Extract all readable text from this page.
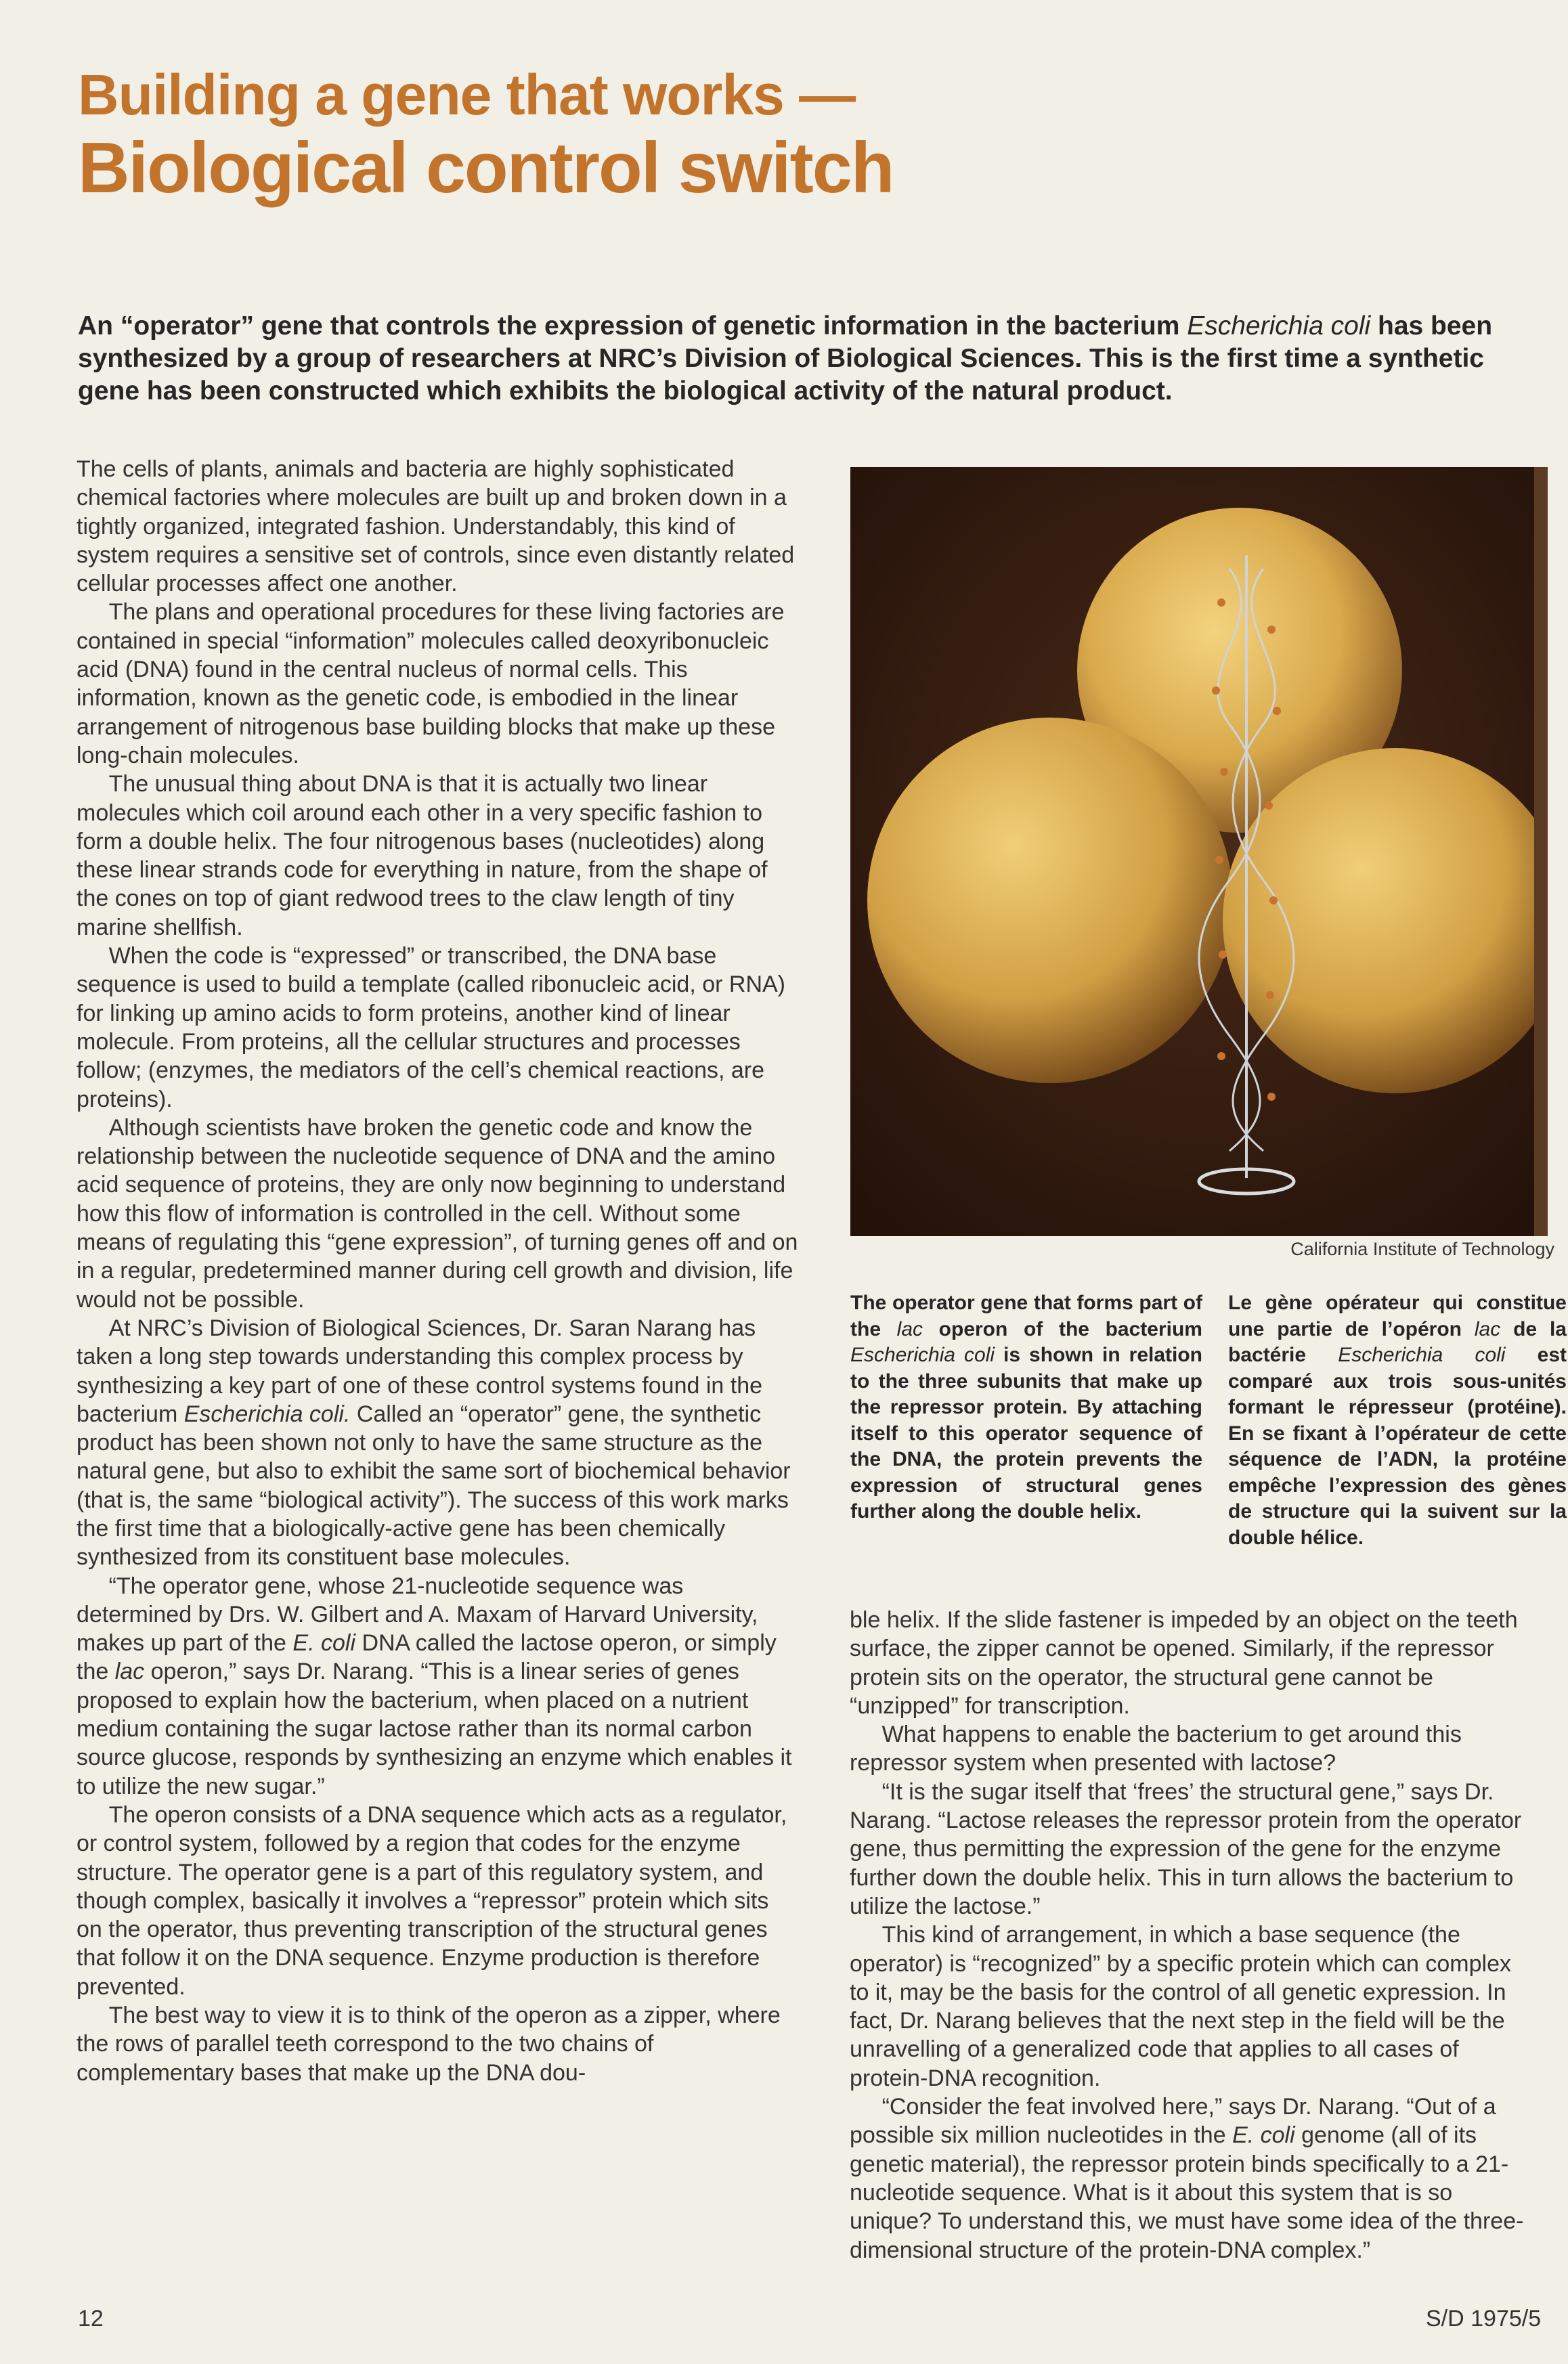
Building a gene that works —
Biological control switch

An “operator” gene that controls the expression of genetic information in the bacterium Escherichia coli has been synthesized by a group of researchers at NRC’s Division of Biological Sciences. This is the first time a synthetic gene has been constructed which exhibits the biological activity of the natural product.

The cells of plants, animals and bacteria are highly sophisticated chemical factories where molecules are built up and broken down in a tightly organized, integrated fashion. Understandably, this kind of system requires a sensitive set of controls, since even distantly related cellular processes affect one another.

The plans and operational procedures for these living factories are contained in special “information” molecules called deoxyribonucleic acid (DNA) found in the central nucleus of normal cells. This information, known as the genetic code, is embodied in the linear arrangement of nitrogenous base building blocks that make up these long-chain molecules.

The unusual thing about DNA is that it is actually two linear molecules which coil around each other in a very specific fashion to form a double helix. The four nitrogenous bases (nucleotides) along these linear strands code for everything in nature, from the shape of the cones on top of giant redwood trees to the claw length of tiny marine shellfish.

When the code is “expressed” or transcribed, the DNA base sequence is used to build a template (called ribonucleic acid, or RNA) for linking up amino acids to form proteins, another kind of linear molecule. From proteins, all the cellular structures and processes follow; (enzymes, the mediators of the cell’s chemical reactions, are proteins).

Although scientists have broken the genetic code and know the relationship between the nucleotide sequence of DNA and the amino acid sequence of proteins, they are only now beginning to understand how this flow of information is controlled in the cell. Without some means of regulating this “gene expression”, of turning genes off and on in a regular, predetermined manner during cell growth and division, life would not be possible.

At NRC’s Division of Biological Sciences, Dr. Saran Narang has taken a long step towards understanding this complex process by synthesizing a key part of one of these control systems found in the bacterium Escherichia coli. Called an “operator” gene, the synthetic product has been shown not only to have the same structure as the natural gene, but also to exhibit the same sort of biochemical behavior (that is, the same “biological activity”). The success of this work marks the first time that a biologically-active gene has been chemically synthesized from its constituent base molecules.

“The operator gene, whose 21-nucleotide sequence was determined by Drs. W. Gilbert and A. Maxam of Harvard University, makes up part of the E. coli DNA called the lactose operon, or simply the lac operon,” says Dr. Narang. “This is a linear series of genes proposed to explain how the bacterium, when placed on a nutrient medium containing the sugar lactose rather than its normal carbon source glucose, responds by synthesizing an enzyme which enables it to utilize the new sugar.”

The operon consists of a DNA sequence which acts as a regulator, or control system, followed by a region that codes for the enzyme structure. The operator gene is a part of this regulatory system, and though complex, basically it involves a “repressor” protein which sits on the operator, thus preventing transcription of the structural genes that follow it on the DNA sequence. Enzyme production is therefore prevented.

The best way to view it is to think of the operon as a zipper, where the rows of parallel teeth correspond to the two chains of complementary bases that make up the DNA dou-

California Institute of Technology

The operator gene that forms part of the lac operon of the bacterium Escherichia coli is shown in relation to the three subunits that make up the repressor protein. By attaching itself to this operator sequence of the DNA, the protein prevents the expression of structural genes further along the double helix.

Le gène opérateur qui constitue une partie de l’opéron lac de la bactérie Escherichia coli est comparé aux trois sous-unités formant le répresseur (protéine). En se fixant à l’opérateur de cette séquence de l’ADN, la protéine empêche l’expression des gènes de structure qui la suivent sur la double hélice.

ble helix. If the slide fastener is impeded by an object on the teeth surface, the zipper cannot be opened. Similarly, if the repressor protein sits on the operator, the structural gene cannot be “unzipped” for transcription.

What happens to enable the bacterium to get around this repressor system when presented with lactose?

“It is the sugar itself that ‘frees’ the structural gene,” says Dr. Narang. “Lactose releases the repressor protein from the operator gene, thus permitting the expression of the gene for the enzyme further down the double helix. This in turn allows the bacterium to utilize the lactose.”

This kind of arrangement, in which a base sequence (the operator) is “recognized” by a specific protein which can complex to it, may be the basis for the control of all genetic expression. In fact, Dr. Narang believes that the next step in the field will be the unravelling of a generalized code that applies to all cases of protein-DNA recognition.

“Consider the feat involved here,” says Dr. Narang. “Out of a possible six million nucleotides in the E. coli genome (all of its genetic material), the repressor protein binds specifically to a 21-nucleotide sequence. What is it about this system that is so unique? To understand this, we must have some idea of the three-dimensional structure of the protein-DNA complex.”

12	S/D 1975/5
